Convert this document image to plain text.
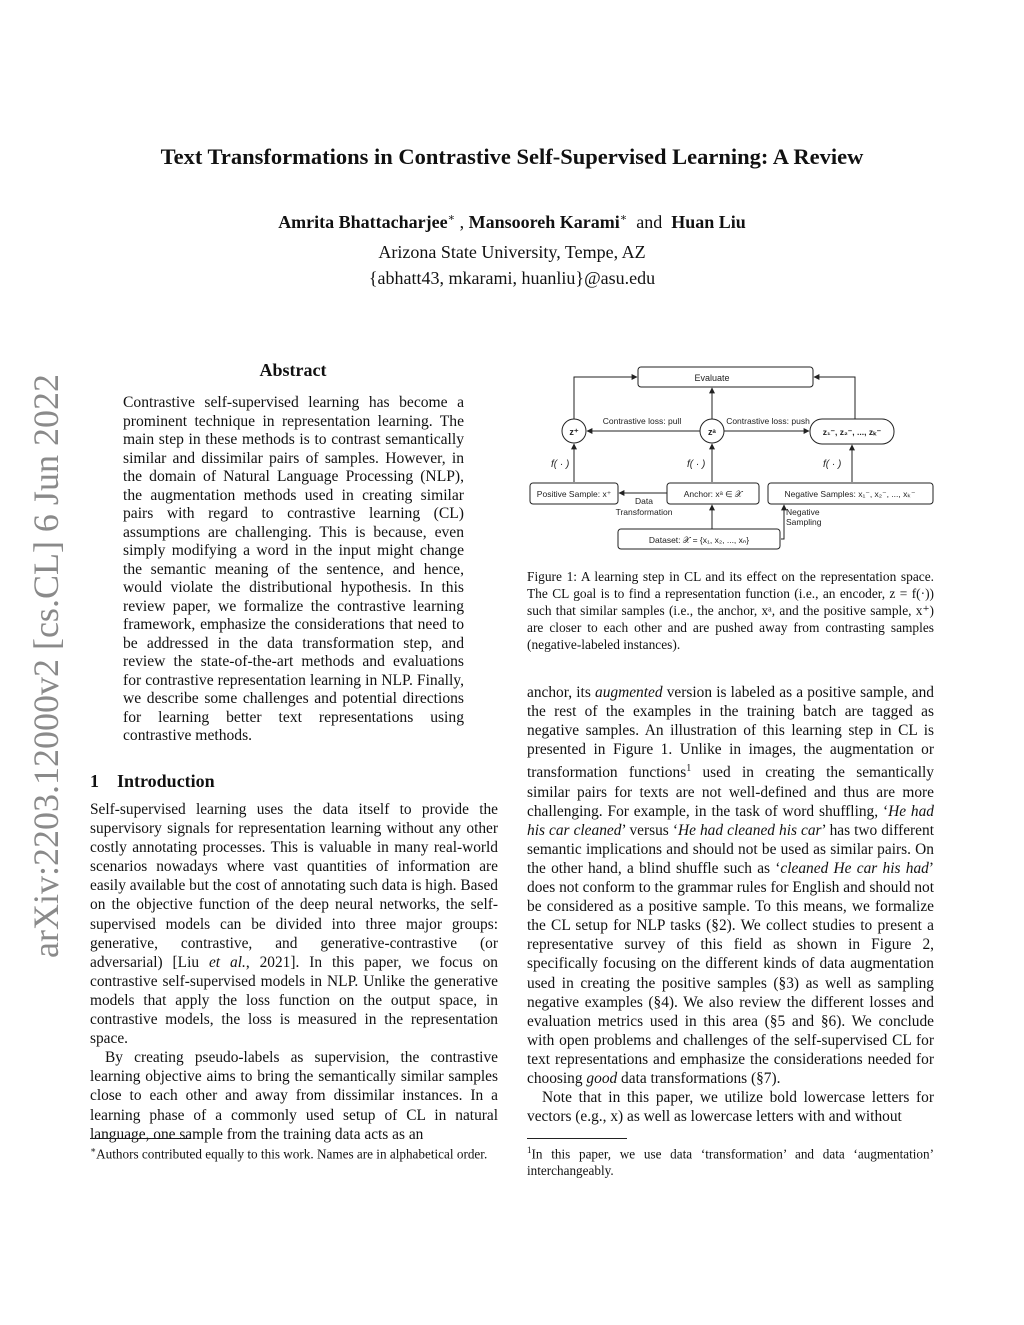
arXiv:2203.12000v2 [cs.CL] 6 Jun 2022
Text Transformations in Contrastive Self-Supervised Learning: A Review
Amrita Bhattacharjee∗ , Mansooreh Karami∗ and Huan Liu
Arizona State University, Tempe, AZ
{abhatt43, mkarami, huanliu}@asu.edu
Abstract
Contrastive self-supervised learning has become a prominent technique in representation learning. The main step in these methods is to contrast semantically similar and dissimilar pairs of samples. However, in the domain of Natural Language Processing (NLP), the augmentation methods used in creating similar pairs with regard to contrastive learning (CL) assumptions are challenging. This is because, even simply modifying a word in the input might change the semantic meaning of the sentence, and hence, would violate the distributional hypothesis. In this review paper, we formalize the contrastive learning framework, emphasize the considerations that need to be addressed in the data transformation step, and review the state-of-the-art methods and evaluations for contrastive representation learning in NLP. Finally, we describe some challenges and potential directions for learning better text representations using contrastive methods.
1 Introduction

Self-supervised learning uses the data itself to provide the supervisory signals for representation learning without any other costly annotating processes. This is valuable in many real-world scenarios nowadays where vast quantities of information are easily available but the cost of annotating such data is high. Based on the objective function of the deep neural networks, the self-supervised models can be divided into three major groups: generative, contrastive, and generative-contrastive (or adversarial) [Liu et al., 2021]. In this paper, we focus on contrastive self-supervised models in NLP. Unlike the generative models that apply the loss function on the output space, in contrastive models, the loss is measured in the representation space.

By creating pseudo-labels as supervision, the contrastive learning objective aims to bring the semantically similar samples close to each other and away from dissimilar instances. In a learning phase of a commonly used setup of CL in natural language, one sample from the training data acts as an

Evaluate
z⁺	zᵃ	z₁⁻, z₂⁻, ..., zₖ⁻
Contrastive loss: pull	Contrastive loss: push
f( · )	f( · )	f( · )
Positive Sample: x⁺	Anchor: xᵃ ∈ 𝒳	Negative Samples: x₁⁻, x₂⁻, ..., xₖ⁻
Data
Transformation	Negative
Sampling
Dataset: 𝒳 = {x₁, x₂, ..., xₙ}
Figure 1: A learning step in CL and its effect on the representation space. The CL goal is to find a representation function (i.e., an encoder, z = f(·)) such that similar samples (i.e., the anchor, xᵃ, and the positive sample, x⁺) are closer to each other and are pushed away from contrasting samples (negative-labeled instances).

anchor, its augmented version is labeled as a positive sample, and the rest of the examples in the training batch are tagged as negative samples. An illustration of this learning step in CL is presented in Figure 1. Unlike in images, the augmentation or transformation functions$^1$ used in creating the semantically similar pairs for texts are not well-defined and thus are more challenging. For example, in the task of word shuffling, ‘He had his car cleaned’ versus ‘He had cleaned his car’ has two different semantic implications and should not be used as similar pairs. On the other hand, a blind shuffle such as ‘cleaned He car his had’ does not conform to the grammar rules for English and should not be considered as a positive sample. To this means, we formalize the CL setup for NLP tasks (§2). We collect studies to present a representative survey of this field as shown in Figure 2, specifically focusing on the different kinds of data augmentation used in creating the positive samples (§3) as well as sampling negative examples (§4). We also review the different losses and evaluation metrics used in this area (§5 and §6). We conclude with open problems and challenges of the self-supervised CL for text representations and emphasize the considerations needed for choosing good data transformations (§7).

Note that in this paper, we utilize bold lowercase letters for vectors (e.g., x) as well as lowercase letters with and without

∗Authors contributed equally to this work. Names are in alphabetical order.	$^1$In this paper, we use data ‘transformation’ and data ‘augmentation’ interchangeably.
